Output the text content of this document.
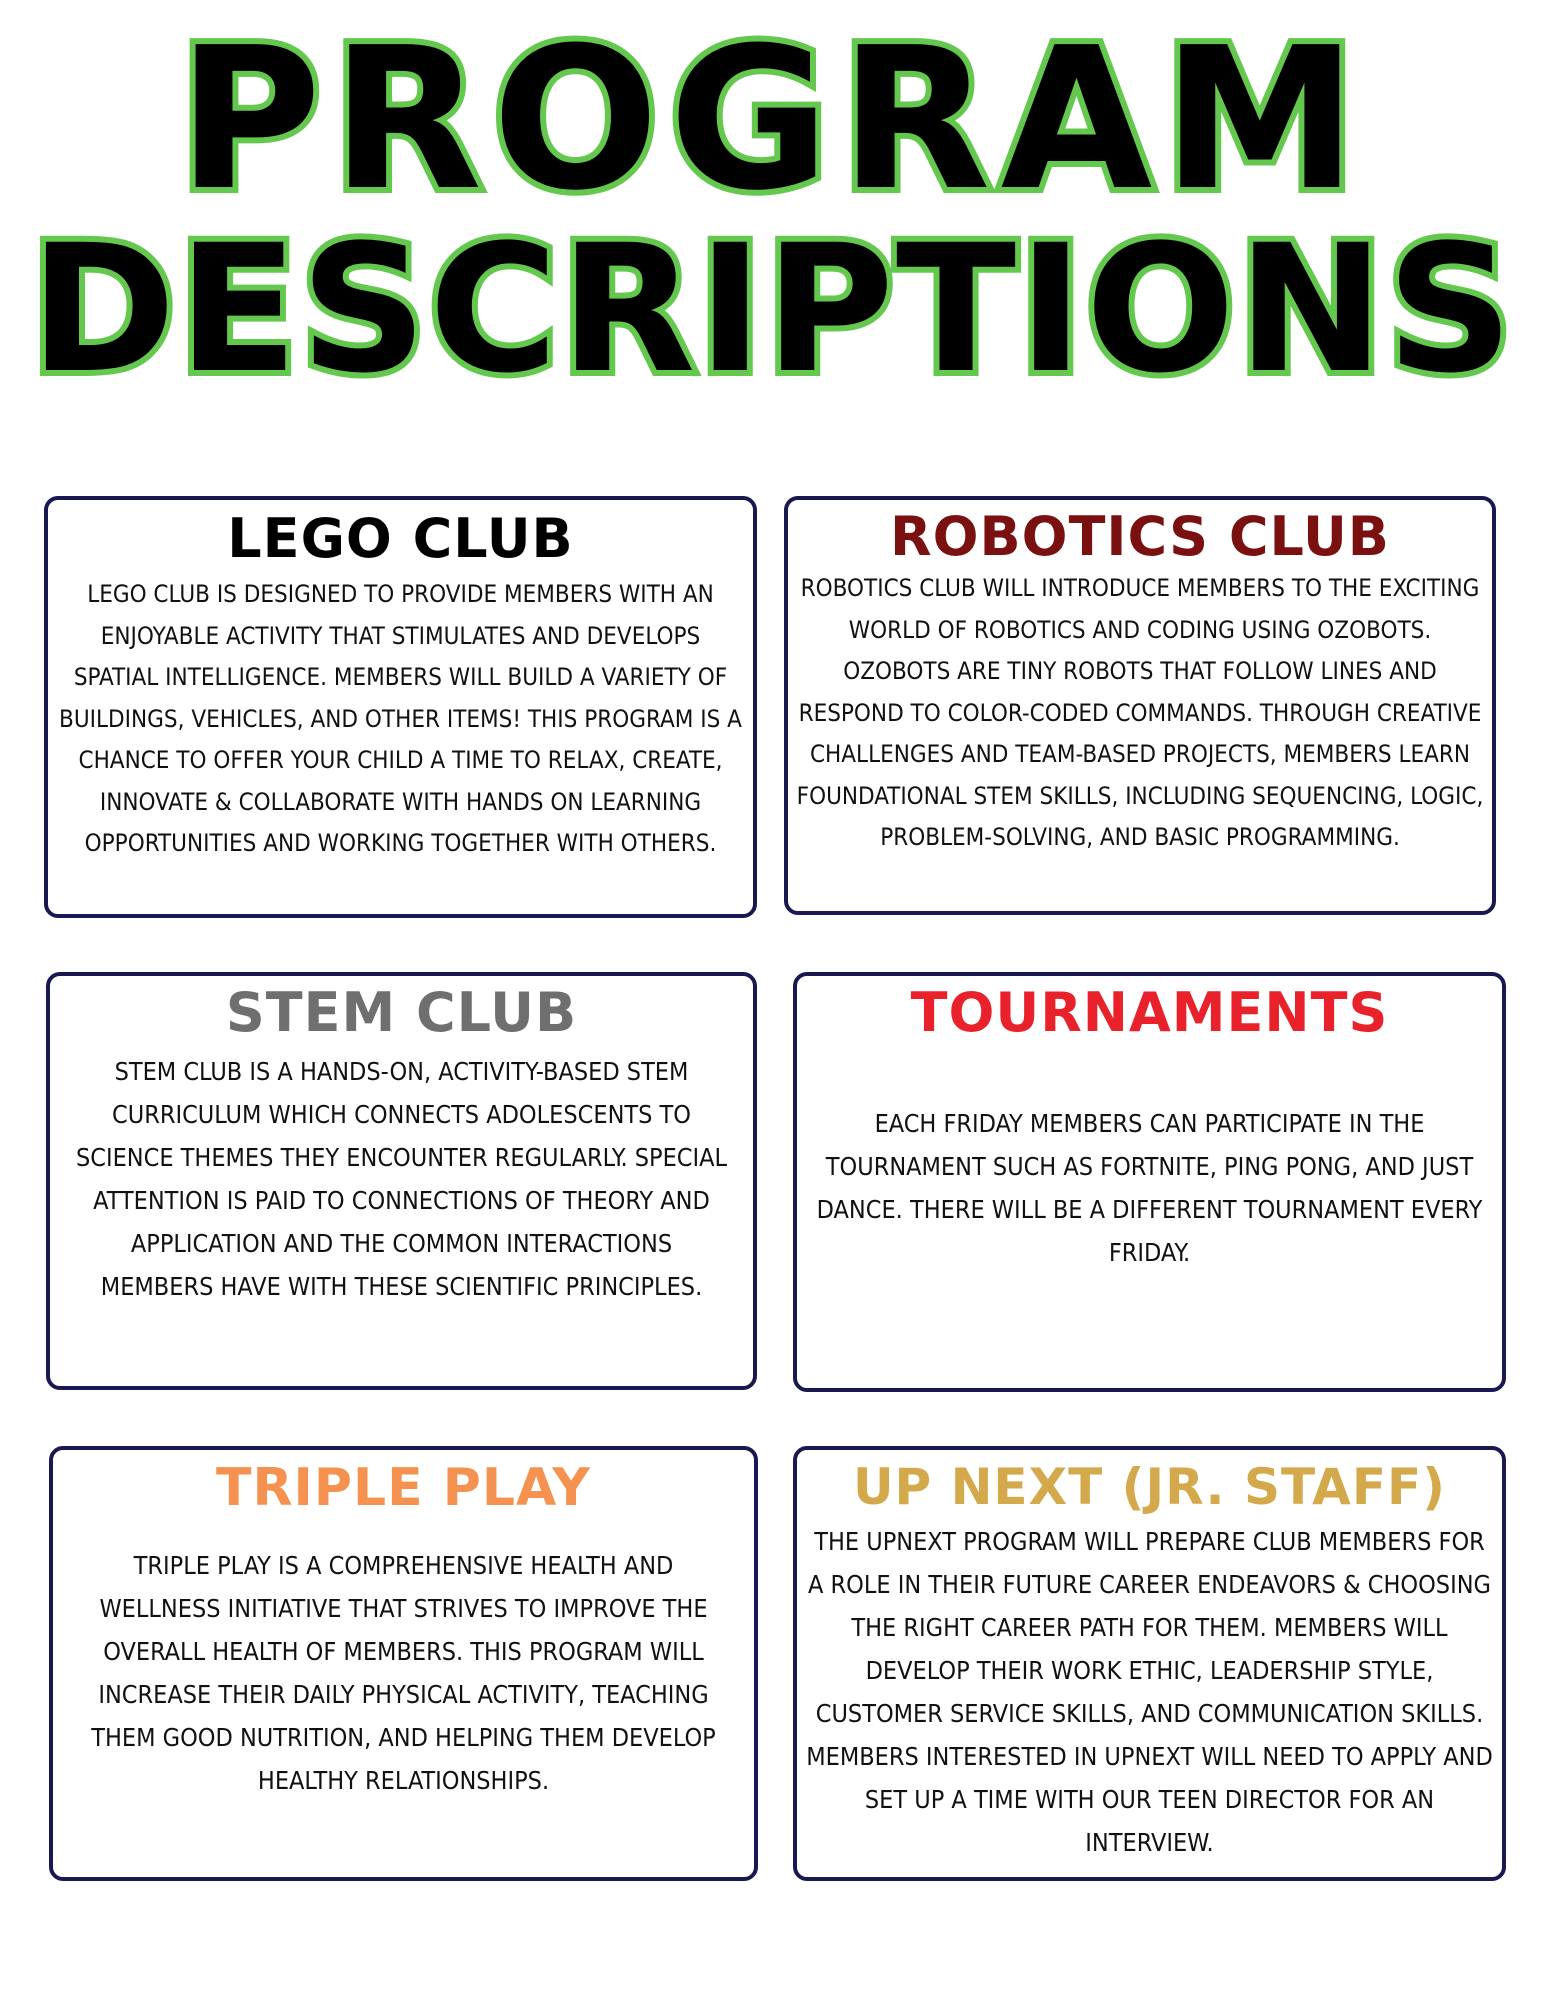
PROGRAM
DESCRIPTIONS
LEGO CLUB

LEGO CLUB IS DESIGNED TO PROVIDE MEMBERS WITH AN ENJOYABLE ACTIVITY THAT STIMULATES AND DEVELOPS SPATIAL INTELLIGENCE. MEMBERS WILL BUILD A VARIETY OF BUILDINGS, VEHICLES, AND OTHER ITEMS! THIS PROGRAM IS A CHANCE TO OFFER YOUR CHILD A TIME TO RELAX, CREATE, INNOVATE & COLLABORATE WITH HANDS ON LEARNING OPPORTUNITIES AND WORKING TOGETHER WITH OTHERS.

ROBOTICS CLUB

ROBOTICS CLUB WILL INTRODUCE MEMBERS TO THE EXCITING WORLD OF ROBOTICS AND CODING USING OZOBOTS. OZOBOTS ARE TINY ROBOTS THAT FOLLOW LINES AND RESPOND TO COLOR-CODED COMMANDS. THROUGH CREATIVE CHALLENGES AND TEAM-BASED PROJECTS, MEMBERS LEARN FOUNDATIONAL STEM SKILLS, INCLUDING SEQUENCING, LOGIC, PROBLEM-SOLVING, AND BASIC PROGRAMMING.

STEM CLUB

STEM CLUB IS A HANDS-ON, ACTIVITY-BASED STEM CURRICULUM WHICH CONNECTS ADOLESCENTS TO SCIENCE THEMES THEY ENCOUNTER REGULARLY. SPECIAL ATTENTION IS PAID TO CONNECTIONS OF THEORY AND APPLICATION AND THE COMMON INTERACTIONS MEMBERS HAVE WITH THESE SCIENTIFIC PRINCIPLES.

TOURNAMENTS

EACH FRIDAY MEMBERS CAN PARTICIPATE IN THE TOURNAMENT SUCH AS FORTNITE, PING PONG, AND JUST DANCE. THERE WILL BE A DIFFERENT TOURNAMENT EVERY FRIDAY.

TRIPLE PLAY

TRIPLE PLAY IS A COMPREHENSIVE HEALTH AND WELLNESS INITIATIVE THAT STRIVES TO IMPROVE THE OVERALL HEALTH OF MEMBERS. THIS PROGRAM WILL INCREASE THEIR DAILY PHYSICAL ACTIVITY, TEACHING THEM GOOD NUTRITION, AND HELPING THEM DEVELOP HEALTHY RELATIONSHIPS.

UP NEXT (JR. STAFF)

THE UPNEXT PROGRAM WILL PREPARE CLUB MEMBERS FOR A ROLE IN THEIR FUTURE CAREER ENDEAVORS & CHOOSING THE RIGHT CAREER PATH FOR THEM. MEMBERS WILL DEVELOP THEIR WORK ETHIC, LEADERSHIP STYLE, CUSTOMER SERVICE SKILLS, AND COMMUNICATION SKILLS. MEMBERS INTERESTED IN UPNEXT WILL NEED TO APPLY AND SET UP A TIME WITH OUR TEEN DIRECTOR FOR AN INTERVIEW.
